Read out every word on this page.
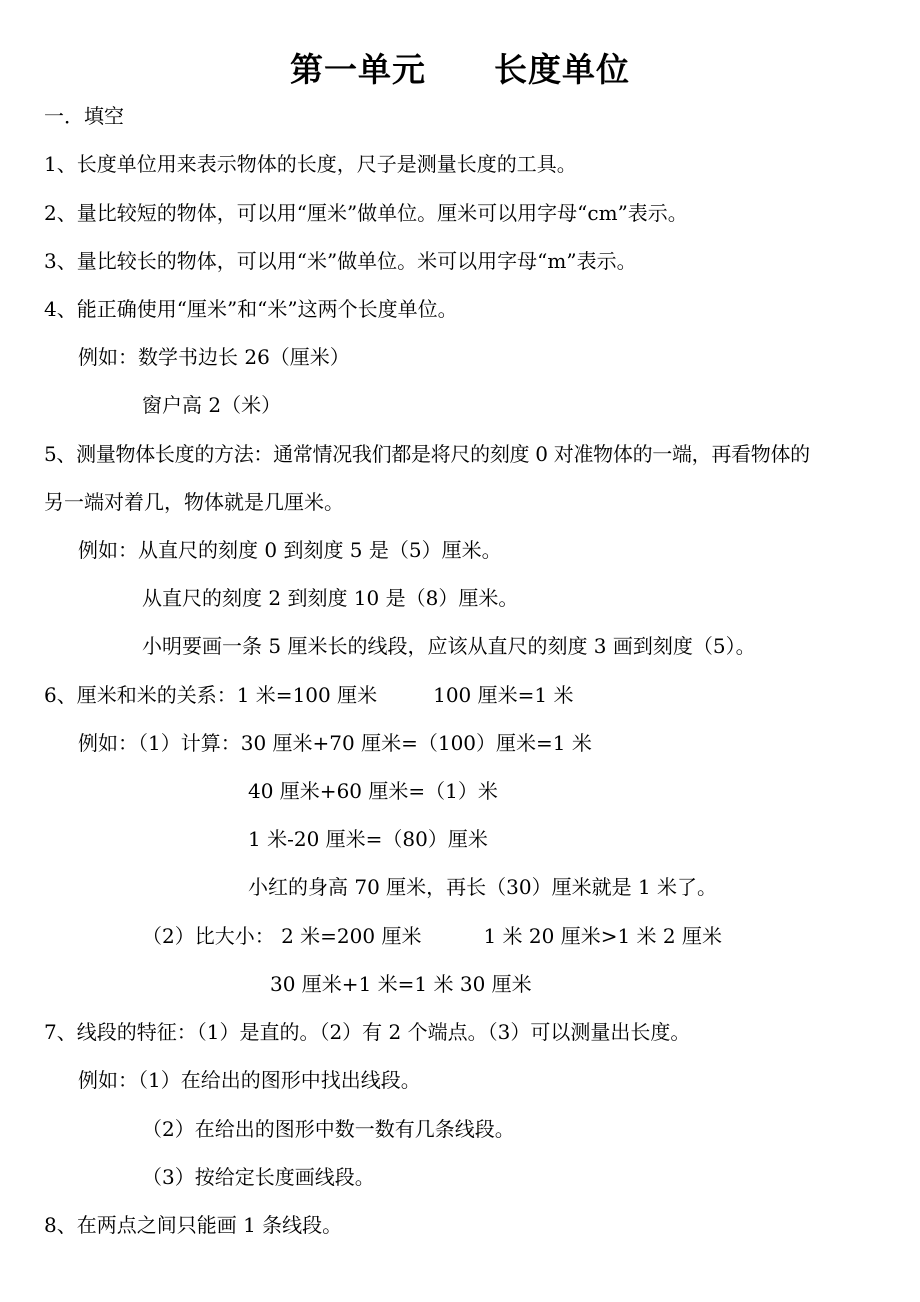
第一单元 长度单位
一．填空
1、长度单位用来表示物体的长度，尺子是测量长度的工具。
2、量比较短的物体，可以用“厘米”做单位。厘米可以用字母“cm”表示。
3、量比较长的物体，可以用“米”做单位。米可以用字母“m”表示。
4、能正确使用“厘米”和“米”这两个长度单位。
例如：数学书边长 26（厘米）
窗户高 2（米）
5、测量物体长度的方法：通常情况我们都是将尺的刻度 0 对准物体的一端，再看物体的
另一端对着几，物体就是几厘米。
例如：从直尺的刻度 0 到刻度 5 是（5）厘米。
从直尺的刻度 2 到刻度 10 是（8）厘米。
小明要画一条 5 厘米长的线段，应该从直尺的刻度 3 画到刻度（5）。
6、厘米和米的关系：1 米=100 厘米	100 厘米=1 米
例如：（1）计算：30 厘米+70 厘米=（100）厘米=1 米
40 厘米+60 厘米=（1）米
1 米-20 厘米=（80）厘米
小红的身高 70 厘米，再长（30）厘米就是 1 米了。
（2）比大小： 2 米=200 厘米	1 米 20 厘米>1 米 2 厘米
30 厘米+1 米=1 米 30 厘米
7、线段的特征：（1）是直的。（2）有 2 个端点。（3）可以测量出长度。
例如：（1）在给出的图形中找出线段。
（2）在给出的图形中数一数有几条线段。
（3）按给定长度画线段。
8、在两点之间只能画 1 条线段。
